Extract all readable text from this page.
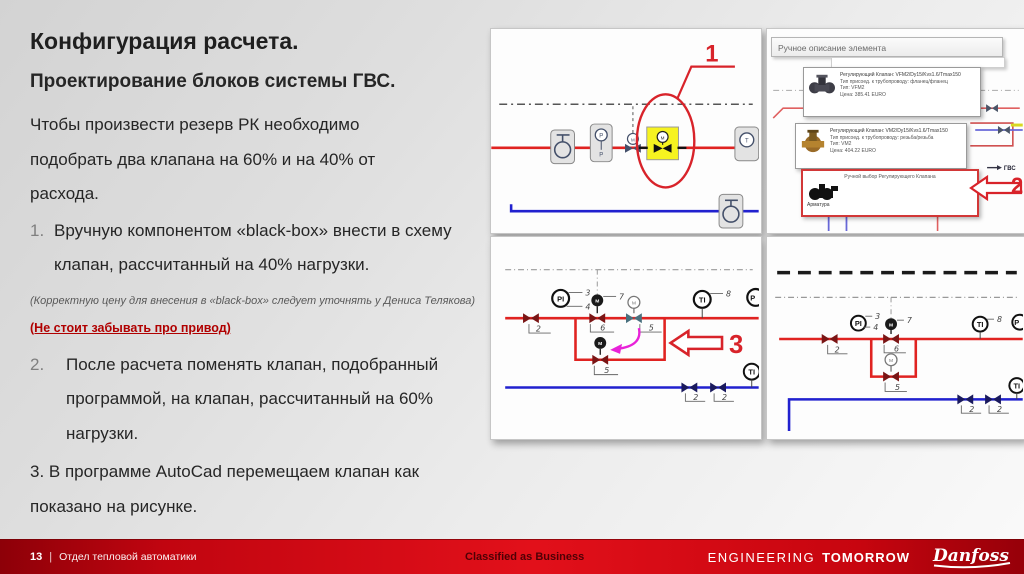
Конфигурация расчета.
Проектирование блоков системы ГВС.

Чтобы произвести резерв РК необходимо подобрать два клапана на 60% и на 40% от расхода.

1. Вручную компонентом «black-box» внести в схему клапан, рассчитанный на 40% нагрузки.

(Корректную цену для внесения в «black-box» следует уточнять у Дениса Телякова)

(Не стоит забывать про привод)

2. После расчета поменять клапан, подобранный программой, на клапан, рассчитанный на 60% нагрузки.
3. В программе AutoCad перемещаем клапан как показано на рисунке.
P
P
M	M
T
1
ГВС
Ручное описание элемента
Регулирующий Клапан: VFM2/Dy15/Kvs1.6/Tmax150
Тип присоед. к трубопроводу: фланец/фланец
Тип: VFM2
Цена: 385.41 EURO
Регулирующий Клапан: VM2/Dy15/Kvs1.6/Tmax150
Тип присоед. к трубопроводу: резьба/резьба
Тип: VM2
Цена: 404.22 EURO
Ручной выбор Регулирующего Клапана
Арматура
2
2
PI
3
4
M
7
6
M
5
M
5
TI
8	P
3
2	2
TI
2
PI
3
4 M
7
6
M
5
TI
8 P
2	2
TI
13 | Отдел тепловой автоматики	Classified as Business	ENGINEERING TOMORROW Danfoss
